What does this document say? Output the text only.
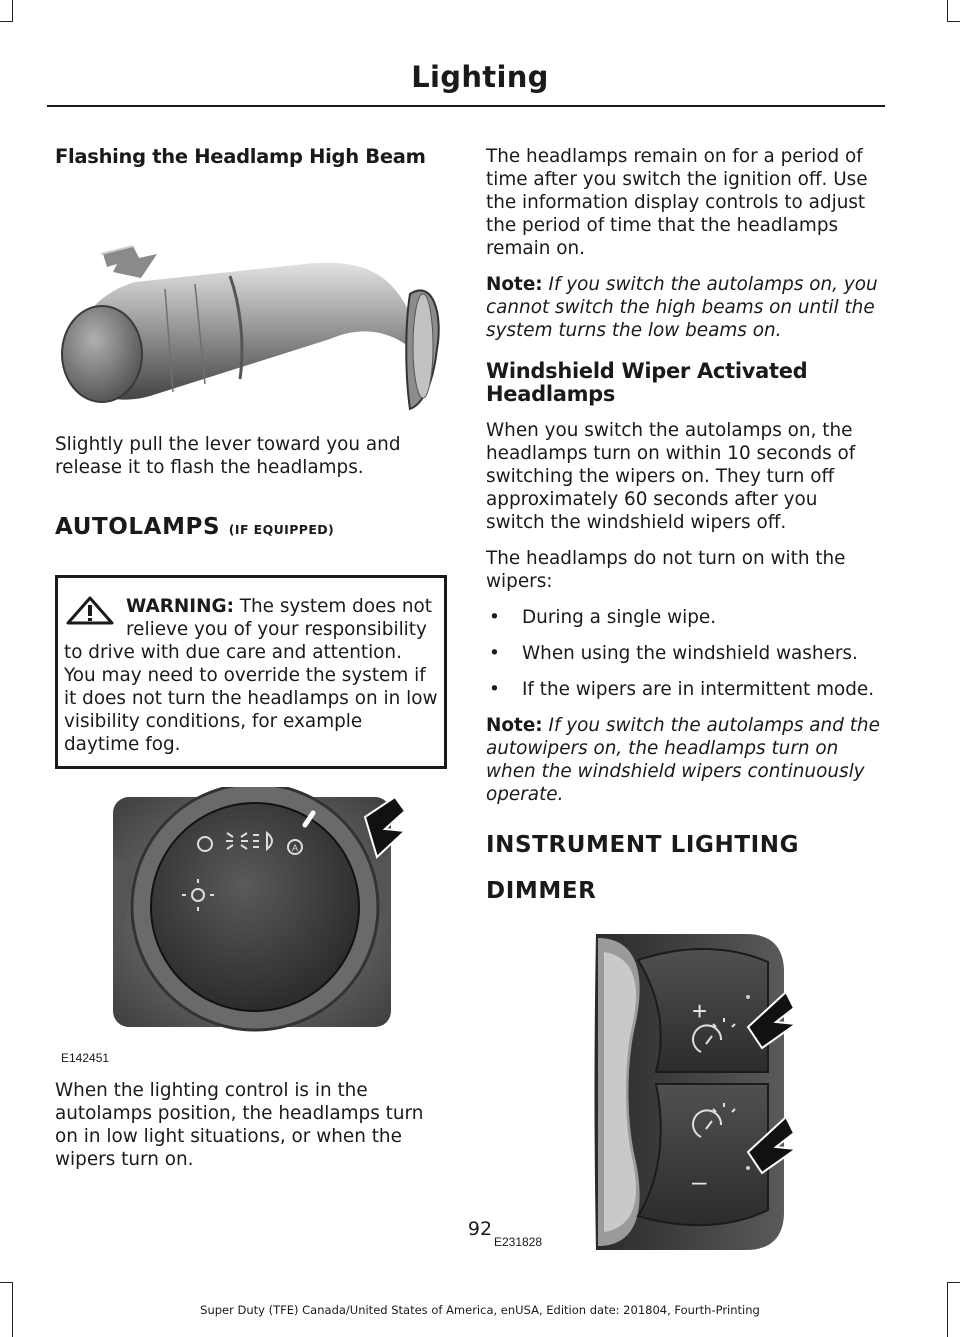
Lighting
Flashing the Headlamp High Beam

Slightly pull the lever toward you and release it to flash the headlamps.

AUTOLAMPS (IF EQUIPPED)
WARNING: The system does not relieve you of your responsibility to drive with due care and attention. You may need to override the system if it does not turn the headlamps on in low visibility conditions, for example daytime fog.
A
E142451

When the lighting control is in the autolamps position, the headlamps turn on in low light situations, or when the wipers turn on.

The headlamps remain on for a period of time after you switch the ignition off. Use the information display controls to adjust the period of time that the headlamps remain on.

Note: If you switch the autolamps on, you cannot switch the high beams on until the system turns the low beams on.

Windshield Wiper Activated Headlamps

When you switch the autolamps on, the headlamps turn on within 10 seconds of switching the wipers on. They turn off approximately 60 seconds after you switch the windshield wipers off.

The headlamps do not turn on with the wipers:

• During a single wipe.
• When using the windshield washers.
• If the wipers are in intermittent mode.

Note: If you switch the autolamps and the autowipers on, the headlamps turn on when the windshield wipers continuously operate.

INSTRUMENT LIGHTING
DIMMER
+
–
E231828
92
Super Duty (TFE) Canada/United States of America, enUSA, Edition date: 201804, Fourth-Printing
